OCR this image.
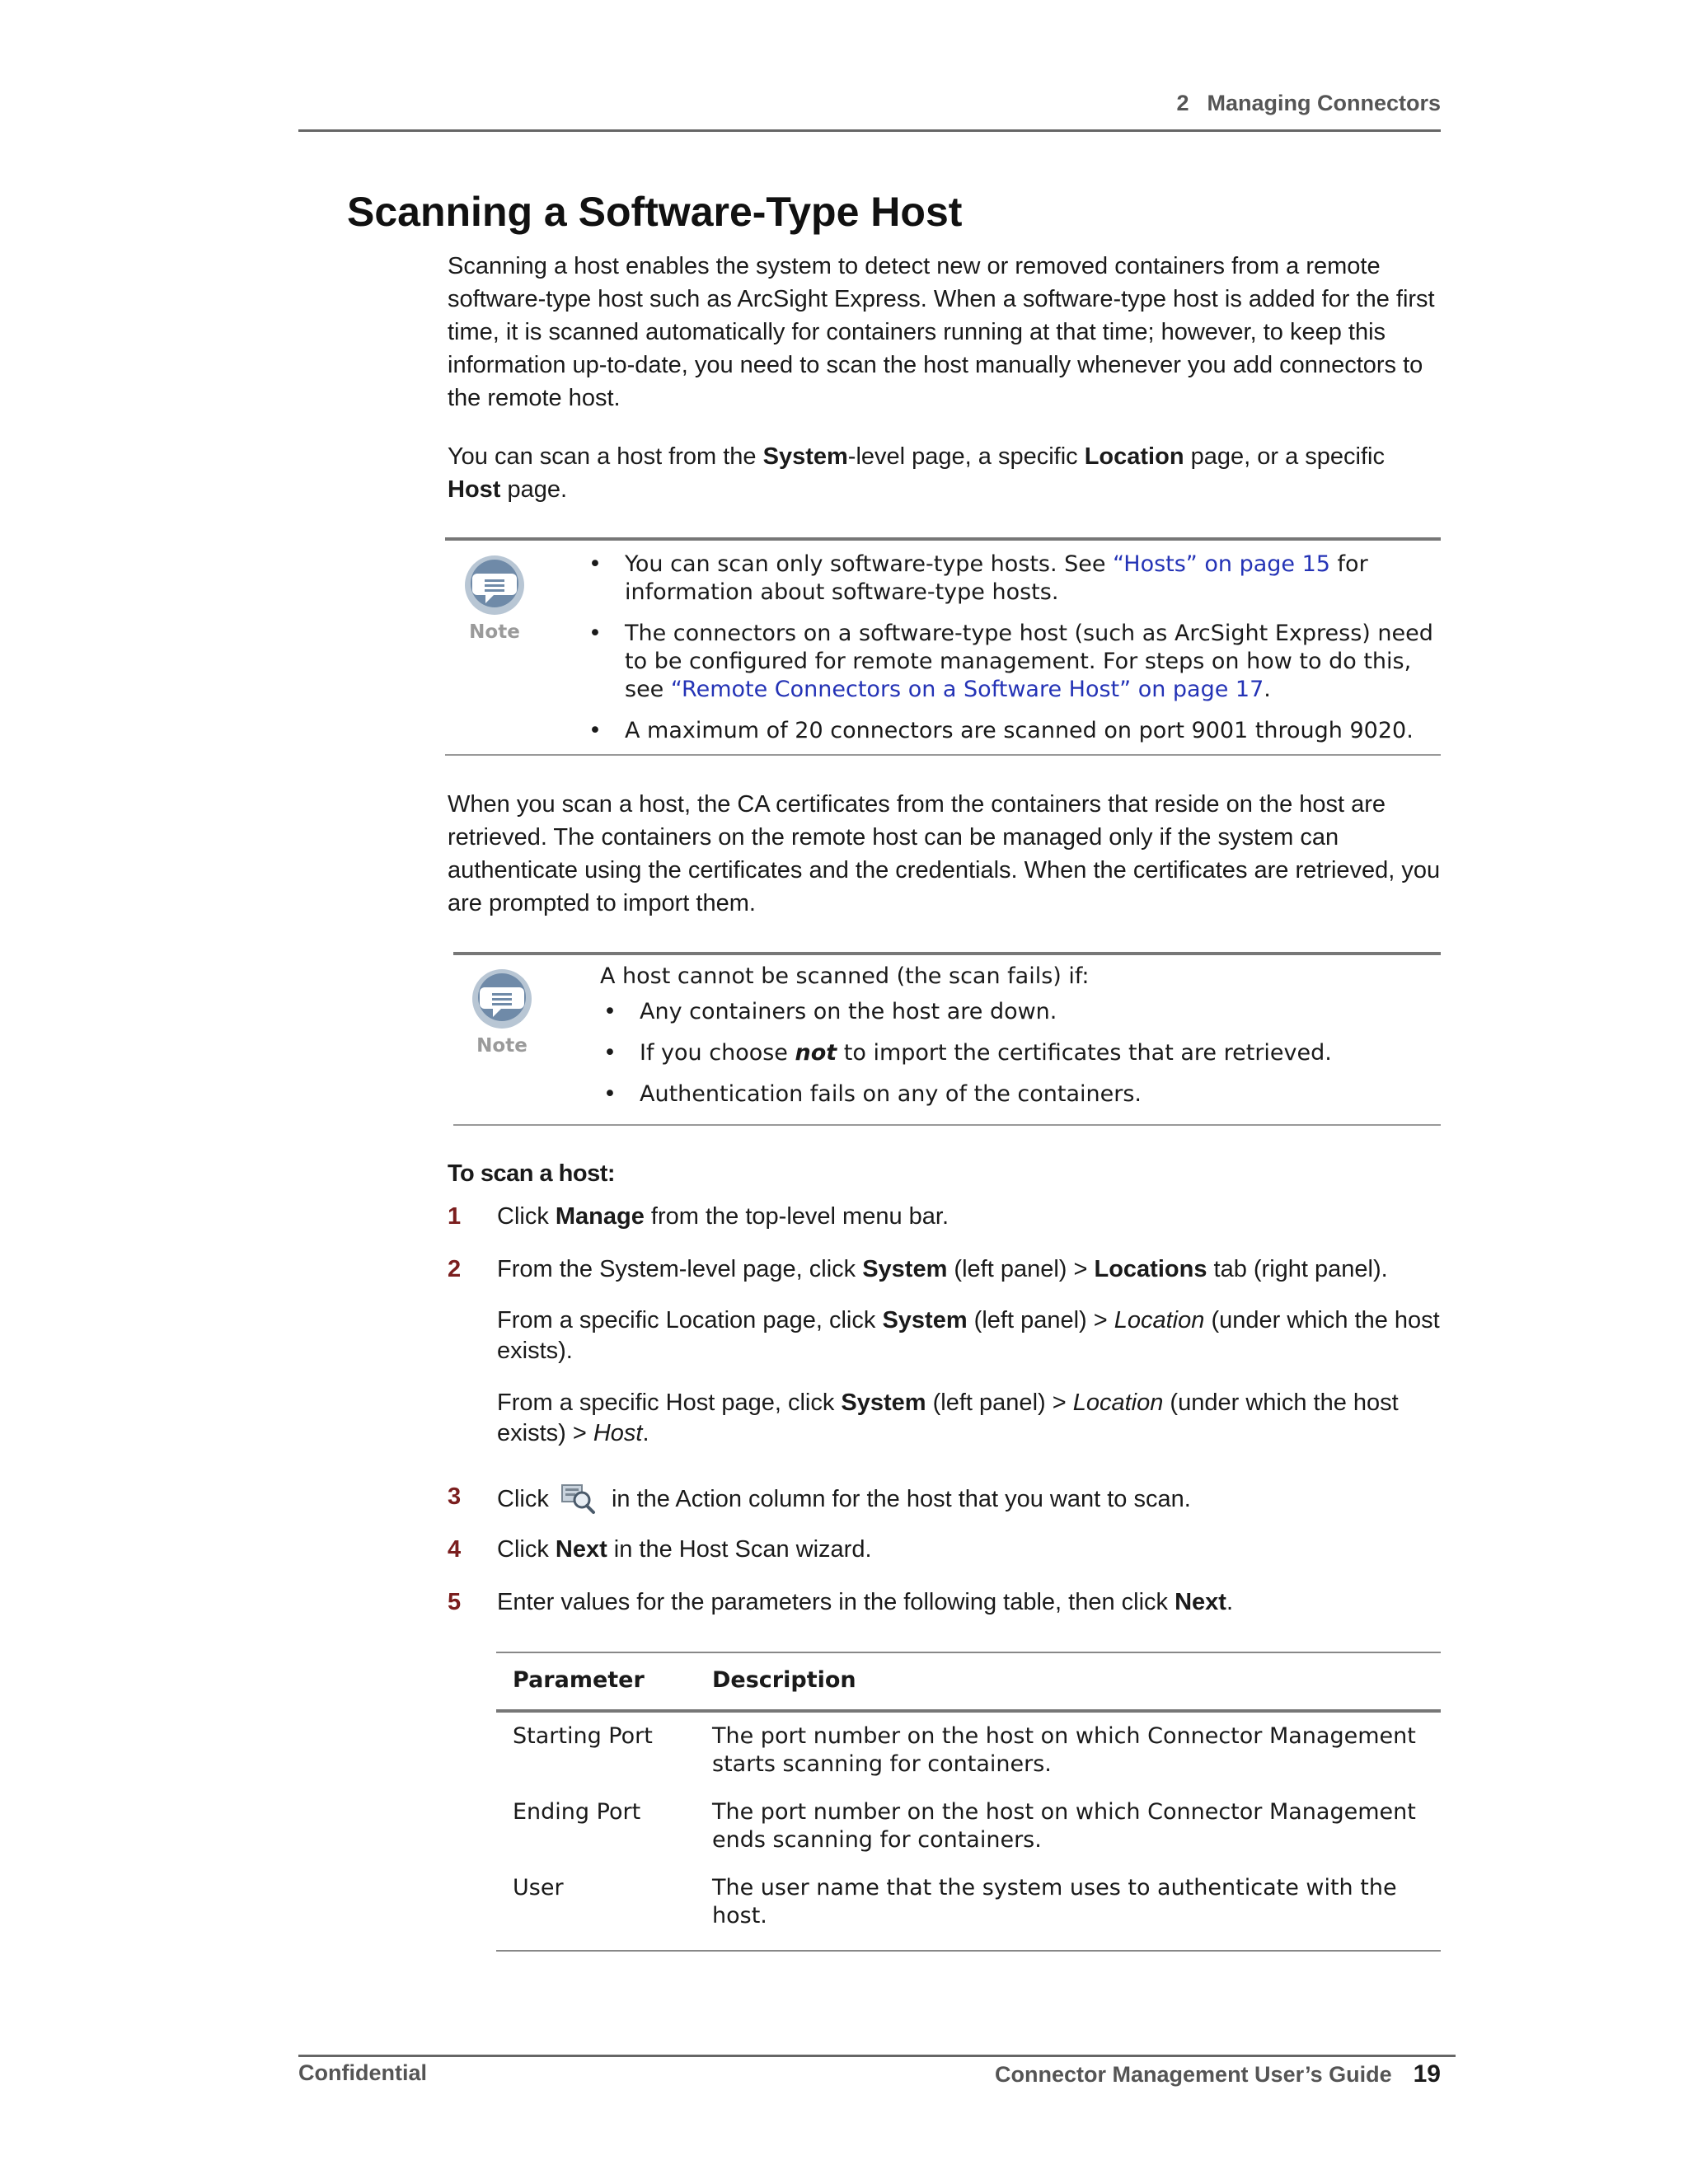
2 Managing Connectors
Scanning a Software-Type Host

Scanning a host enables the system to detect new or removed containers from a remote software-type host such as ArcSight Express. When a software-type host is added for the first time, it is scanned automatically for containers running at that time; however, to keep this information up-to-date, you need to scan the host manually whenever you add connectors to the remote host.

You can scan a host from the System-level page, a specific Location page, or a specific Host page.

Note
• You can scan only software-type hosts. See “Hosts” on page 15 for information about software-type hosts.
• The connectors on a software-type host (such as ArcSight Express) need to be configured for remote management. For steps on how to do this, see “Remote Connectors on a Software Host” on page 17.
• A maximum of 20 connectors are scanned on port 9001 through 9020.

When you scan a host, the CA certificates from the containers that reside on the host are retrieved. The containers on the remote host can be managed only if the system can authenticate using the certificates and the credentials. When the certificates are retrieved, you are prompted to import them.

Note
A host cannot be scanned (the scan fails) if:
• Any containers on the host are down.
• If you choose not to import the certificates that are retrieved.
• Authentication fails on any of the containers.
To scan a host:
1 Click Manage from the top-level menu bar.
2 From the System-level page, click System (left panel) > Locations tab (right panel).

From a specific Location page, click System (left panel) > Location (under which the host exists).

From a specific Host page, click System (left panel) > Location (under which the host exists) > Host.

3 Click  in the Action column for the host that you want to scan.
4 Click Next in the Host Scan wizard.
5 Enter values for the parameters in the following table, then click Next.
Parameter	Description
Starting Port	The port number on the host on which Connector Management starts scanning for containers.
Ending Port	The port number on the host on which Connector Management ends scanning for containers.
User	The user name that the system uses to authenticate with the host.
Confidential	Connector Management User’s Guide 19
